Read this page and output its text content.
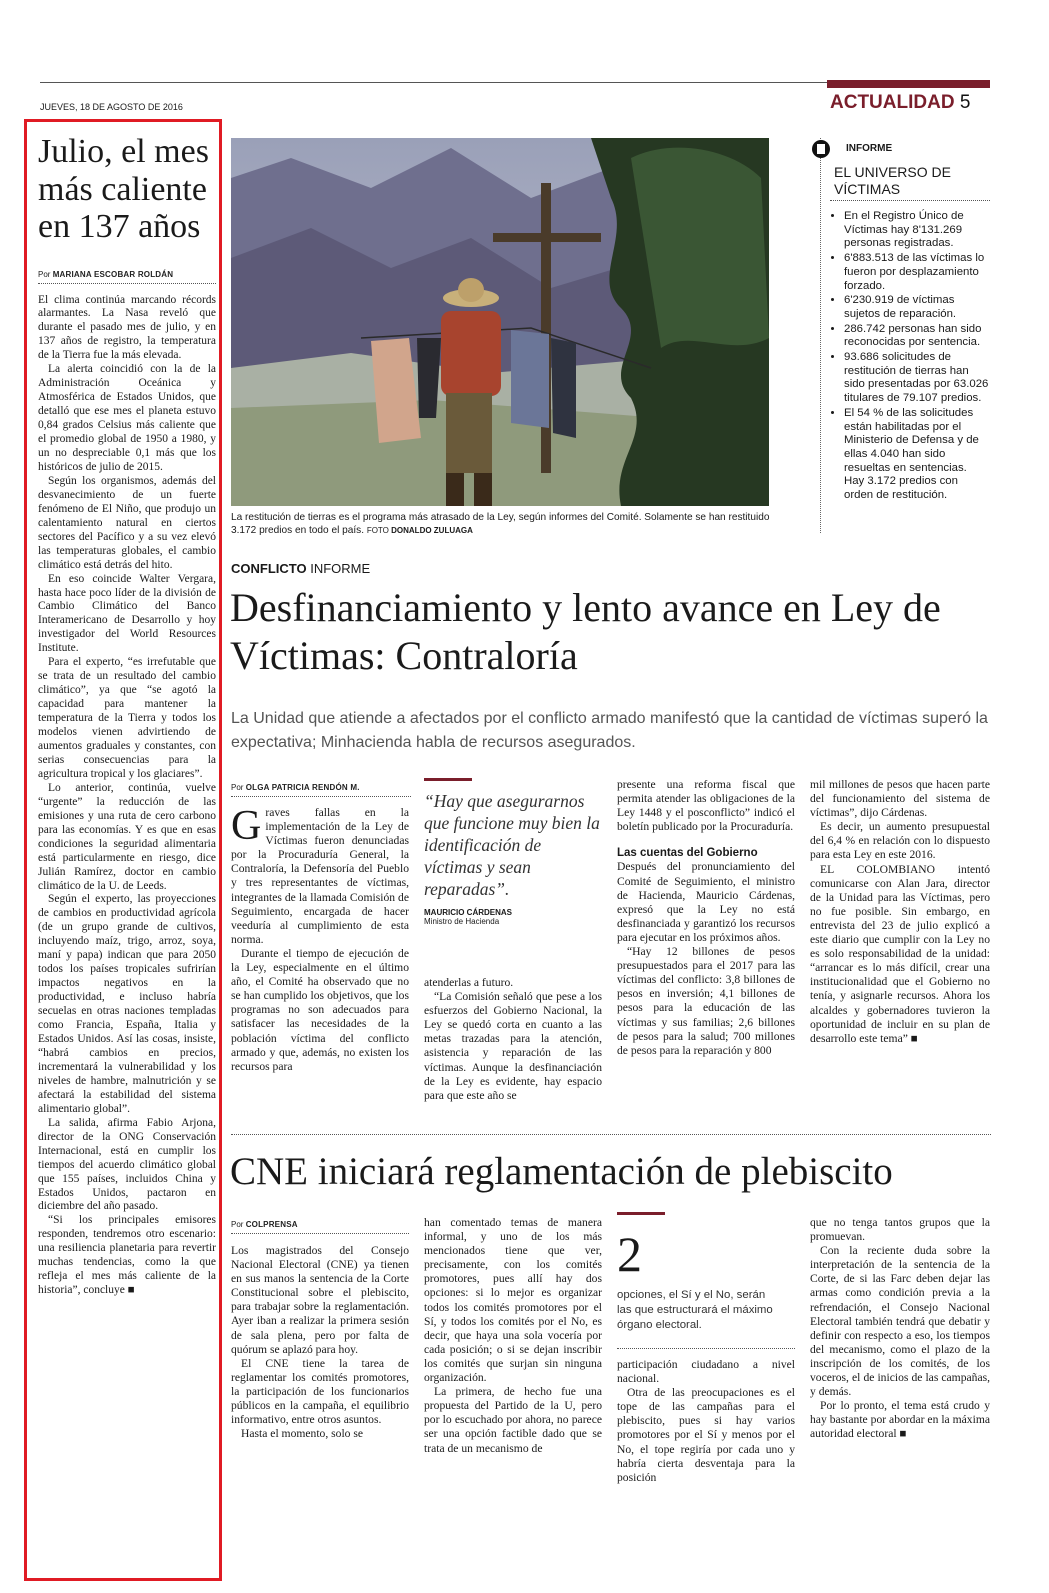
JUEVES, 18 DE AGOSTO DE 2016	ACTUALIDAD 5
Julio, el mes más caliente en 137 años
Por MARIANA ESCOBAR ROLDÁN

El clima continúa marcando récords alarmantes. La Nasa reveló que durante el pasado mes de julio, y en 137 años de registro, la temperatura de la Tierra fue la más elevada.

La alerta coincidió con la de la Administración Oceánica y Atmosférica de Estados Unidos, que detalló que ese mes el planeta estuvo 0,84 grados Celsius más caliente que el promedio global de 1950 a 1980, y un no despreciable 0,1 más que los históricos de julio de 2015.

Según los organismos, además del desvanecimiento de un fuerte fenómeno de El Niño, que produjo un calentamiento natural en ciertos sectores del Pacífico y a su vez elevó las temperaturas globales, el cambio climático está detrás del hito.

En eso coincide Walter Vergara, hasta hace poco líder de la división de Cambio Climático del Banco Interamericano de Desarrollo y hoy investigador del World Resources Institute.

Para el experto, “es irrefutable que se trata de un resultado del cambio climático”, ya que “se agotó la capacidad para mantener la temperatura de la Tierra y todos los modelos vienen advirtiendo de aumentos graduales y constantes, con serias consecuencias para la agricultura tropical y los glaciares”.

Lo anterior, continúa, vuelve “urgente” la reducción de las emisiones y una ruta de cero carbono para las economías. Y es que en esas condiciones la seguridad alimentaria está particularmente en riesgo, dice Julián Ramírez, doctor en cambio climático de la U. de Leeds.

Según el experto, las proyecciones de cambios en productividad agrícola (de un grupo grande de cultivos, incluyendo maíz, trigo, arroz, soya, maní y papa) indican que para 2050 todos los países tropicales sufrirían impactos negativos en la productividad, e incluso habría secuelas en otras naciones templadas como Francia, España, Italia y Estados Unidos. Así las cosas, insiste, “habrá cambios en precios, incrementará la vulnerabilidad y los niveles de hambre, malnutrición y se afectará la estabilidad del sistema alimentario global”.

La salida, afirma Fabio Arjona, director de la ONG Conservación Internacional, está en cumplir los tiempos del acuerdo climático global que 155 países, incluidos China y Estados Unidos, pactaron en diciembre del año pasado.

“Si los principales emisores responden, tendremos otro escenario: una resiliencia planetaria para revertir muchas tendencias, como la que refleja el mes más caliente de la historia”, concluye ■

La restitución de tierras es el programa más atrasado de la Ley, según informes del Comité. Solamente se han restituido 3.172 predios en todo el país. FOTO DONALDO ZULUAGA
INFORME
EL UNIVERSO DE VÍCTIMAS
• En el Registro Único de Víctimas hay 8'131.269 personas registradas.
• 6'883.513 de las víctimas lo fueron por desplazamiento forzado.
• 6'230.919 de víctimas sujetos de reparación.
• 286.742 personas han sido reconocidas por sentencia.
• 93.686 solicitudes de restitución de tierras han sido presentadas por 63.026 titulares de 79.107 predios.
• El 54 % de las solicitudes están habilitadas por el Ministerio de Defensa y de ellas 4.040 han sido resueltas en sentencias. Hay 3.172 predios con orden de restitución.
CONFLICTO INFORME
Desfinanciamiento y lento avance en Ley de Víctimas: Contraloría
La Unidad que atiende a afectados por el conflicto armado manifestó que la cantidad de víctimas superó la expectativa; Minhacienda habla de recursos asegurados.
Por OLGA PATRICIA RENDÓN M.

Graves fallas en la implementación de la Ley de Víctimas fueron denunciadas por la Procuraduría General, la Contraloría, la Defensoría del Pueblo y tres representantes de víctimas, integrantes de la llamada Comisión de Seguimiento, encargada de hacer veeduría al cumplimiento de esta norma.

Durante el tiempo de ejecución de la Ley, especialmente en el último año, el Comité ha observado que no se han cumplido los objetivos, que los programas no son adecuados para satisfacer las necesidades de la población víctima del conflicto armado y que, además, no existen los recursos para

“Hay que asegurarnos que funcione muy bien la identificación de víctimas y sean reparadas”.
MAURICIO CÁRDENAS
Ministro de Hacienda

atenderlas a futuro.

“La Comisión señaló que pese a los esfuerzos del Gobierno Nacional, la Ley se quedó corta en cuanto a las metas trazadas para la atención, asistencia y reparación de las víctimas. Aunque la desfinanciación de la Ley es evidente, hay espacio para que este año se

presente una reforma fiscal que permita atender las obligaciones de la Ley 1448 y el posconflicto” indicó el boletín publicado por la Procuraduría.

Las cuentas del Gobierno

Después del pronunciamiento del Comité de Seguimiento, el ministro de Hacienda, Mauricio Cárdenas, expresó que la Ley no está desfinanciada y garantizó los recursos para ejecutar en los próximos años.

“Hay 12 billones de pesos presupuestados para el 2017 para las víctimas del conflicto: 3,8 billones de pesos en inversión; 4,1 billones de pesos para la educación de las víctimas y sus familias; 2,6 billones de pesos para la salud; 700 millones de pesos para la reparación y 800

mil millones de pesos que hacen parte del funcionamiento del sistema de víctimas”, dijo Cárdenas.

Es decir, un aumento presupuestal del 6,4 % en relación con lo dispuesto para esta Ley en este 2016.

EL COLOMBIANO intentó comunicarse con Alan Jara, director de la Unidad para las Víctimas, pero no fue posible. Sin embargo, en entrevista del 23 de julio explicó a este diario que cumplir con la Ley no es solo responsabilidad de la unidad: “arrancar es lo más difícil, crear una institucionalidad que el Gobierno no tenía, y asignarle recursos. Ahora los alcaldes y gobernadores tuvieron la oportunidad de incluir en su plan de desarrollo este tema” ■

CNE iniciará reglamentación de plebiscito
Por COLPRENSA

Los magistrados del Consejo Nacional Electoral (CNE) ya tienen en sus manos la sentencia de la Corte Constitucional sobre el plebiscito, para trabajar sobre la reglamentación. Ayer iban a realizar la primera sesión de sala plena, pero por falta de quórum se aplazó para hoy.

El CNE tiene la tarea de reglamentar los comités promotores, la participación de los funcionarios públicos en la campaña, el equilibrio informativo, entre otros asuntos.

Hasta el momento, solo se

han comentado temas de manera informal, y uno de los más mencionados tiene que ver, precisamente, con los comités promotores, pues allí hay dos opciones: si lo mejor es organizar todos los comités promotores por el Sí, y todos los comités por el No, es decir, que haya una sola vocería por cada posición; o si se dejan inscribir los comités que surjan sin ninguna organización.

La primera, de hecho fue una propuesta del Partido de la U, pero por lo escuchado por ahora, no parece ser una opción factible dado que se trata de un mecanismo de

2
opciones, el Sí y el No, serán las que estructurará el máximo órgano electoral.

participación ciudadano a nivel nacional.

Otra de las preocupaciones es el tope de las campañas para el plebiscito, pues si hay varios promotores por el Sí y menos por el No, el tope regiría por cada uno y habría cierta desventaja para la posición

que no tenga tantos grupos que la promuevan.

Con la reciente duda sobre la interpretación de la sentencia de la Corte, de si las Farc deben dejar las armas como condición previa a la refrendación, el Consejo Nacional Electoral también tendrá que debatir y definir con respecto a eso, los tiempos del mecanismo, como el plazo de la inscripción de los comités, de los voceros, el de inicios de las campañas, y demás.

Por lo pronto, el tema está crudo y hay bastante por abordar en la máxima autoridad electoral ■
